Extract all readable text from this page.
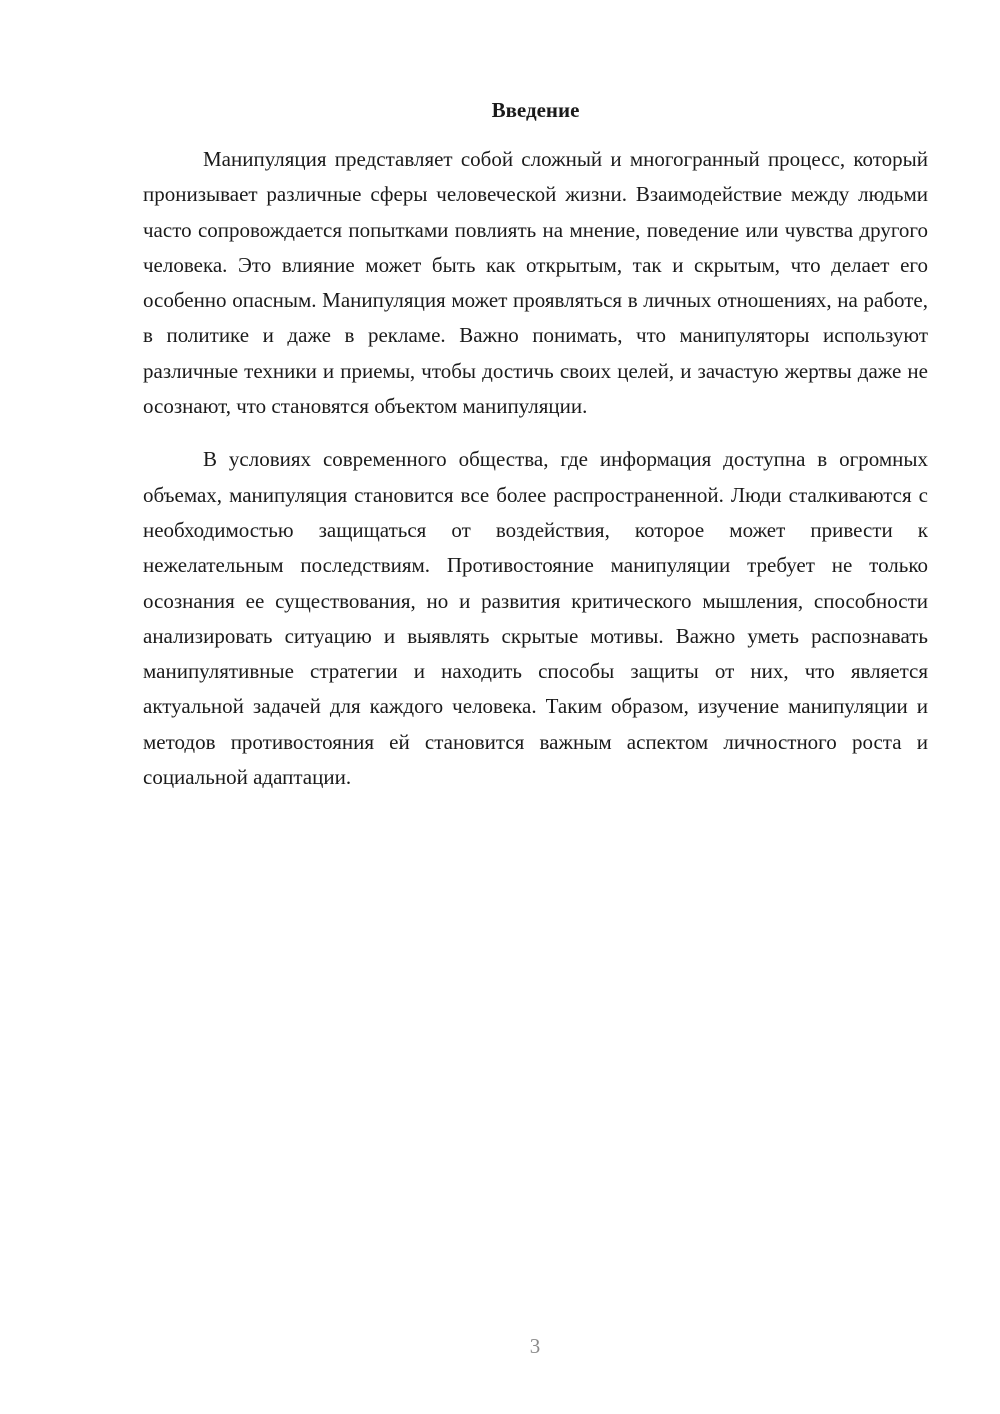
Введение

Манипуляция представляет собой сложный и многогранный процесс, который пронизывает различные сферы человеческой жизни. Взаимодействие между людьми часто сопровождается попытками повлиять на мнение, поведение или чувства другого человека. Это влияние может быть как открытым, так и скрытым, что делает его особенно опасным. Манипуляция может проявляться в личных отношениях, на работе, в политике и даже в рекламе. Важно понимать, что манипуляторы используют различные техники и приемы, чтобы достичь своих целей, и зачастую жертвы даже не осознают, что становятся объектом манипуляции.

В условиях современного общества, где информация доступна в огромных объемах, манипуляция становится все более распространенной. Люди сталкиваются с необходимостью защищаться от воздействия, которое может привести к нежелательным последствиям. Противостояние манипуляции требует не только осознания ее существования, но и развития критического мышления, способности анализировать ситуацию и выявлять скрытые мотивы. Важно уметь распознавать манипулятивные стратегии и находить способы защиты от них, что является актуальной задачей для каждого человека. Таким образом, изучение манипуляции и методов противостояния ей становится важным аспектом личностного роста и социальной адаптации.

3
